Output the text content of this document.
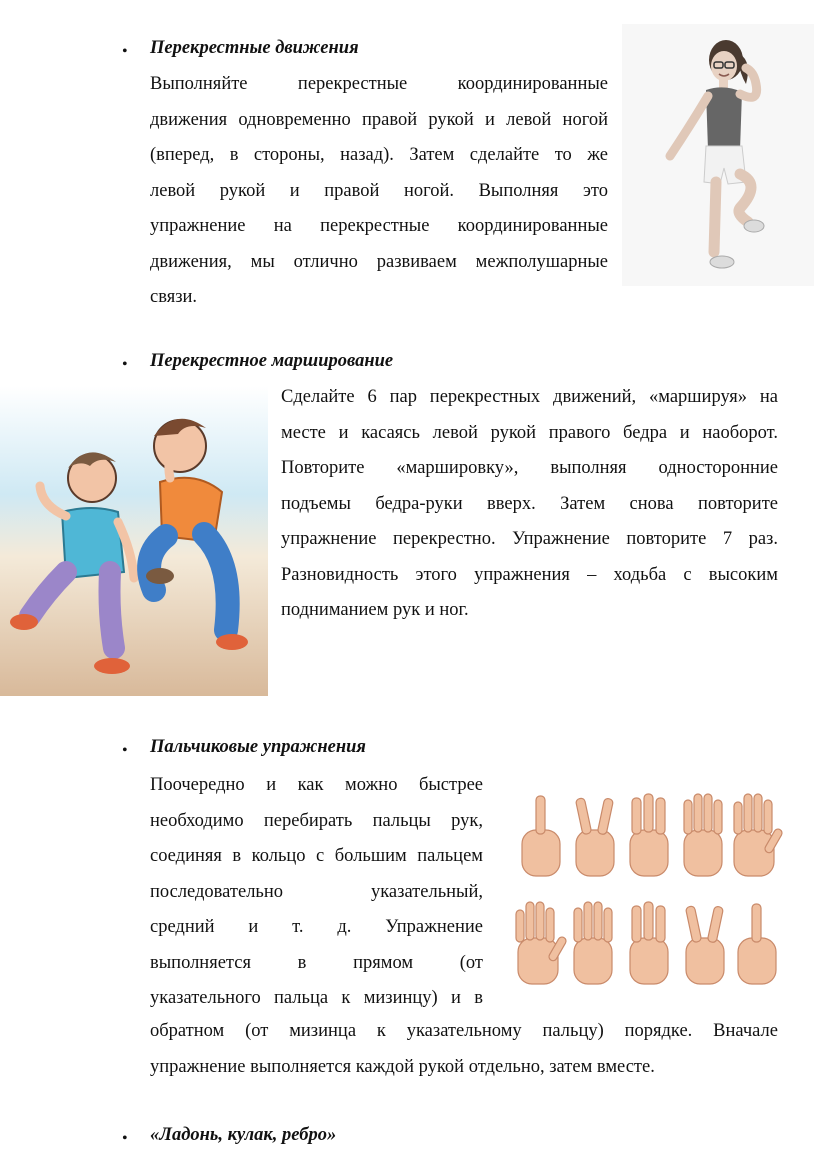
• Перекрестные движения
Выполняйте перекрестные координированные
движения одновременно правой рукой и левой ногой
(вперед, в стороны, назад). Затем сделайте то же
левой рукой и правой ногой. Выполняя это
упражнение на перекрестные координированные
движения, мы отлично развиваем межполушарные
связи.
• Перекрестное марширование
Сделайте 6 пар перекрестных движений, «маршируя» на
месте и касаясь левой рукой правого бедра и наоборот.
Повторите «маршировку», выполняя односторонние
подъемы бедра-руки вверх. Затем снова повторите
упражнение перекрестно. Упражнение повторите 7 раз.
Разновидность этого упражнения – ходьба с высоким
подниманием рук и ног.
• Пальчиковые упражнения
Поочередно и как можно быстрее
необходимо перебирать пальцы рук,
соединяя в кольцо с большим пальцем
последовательно указательный,
средний и т. д. Упражнение
выполняется в прямом (от
указательного пальца к мизинцу) и в
обратном (от мизинца к указательному пальцу) порядке. Вначале
упражнение выполняется каждой рукой отдельно, затем вместе.
• «Ладонь, кулак, ребро»
